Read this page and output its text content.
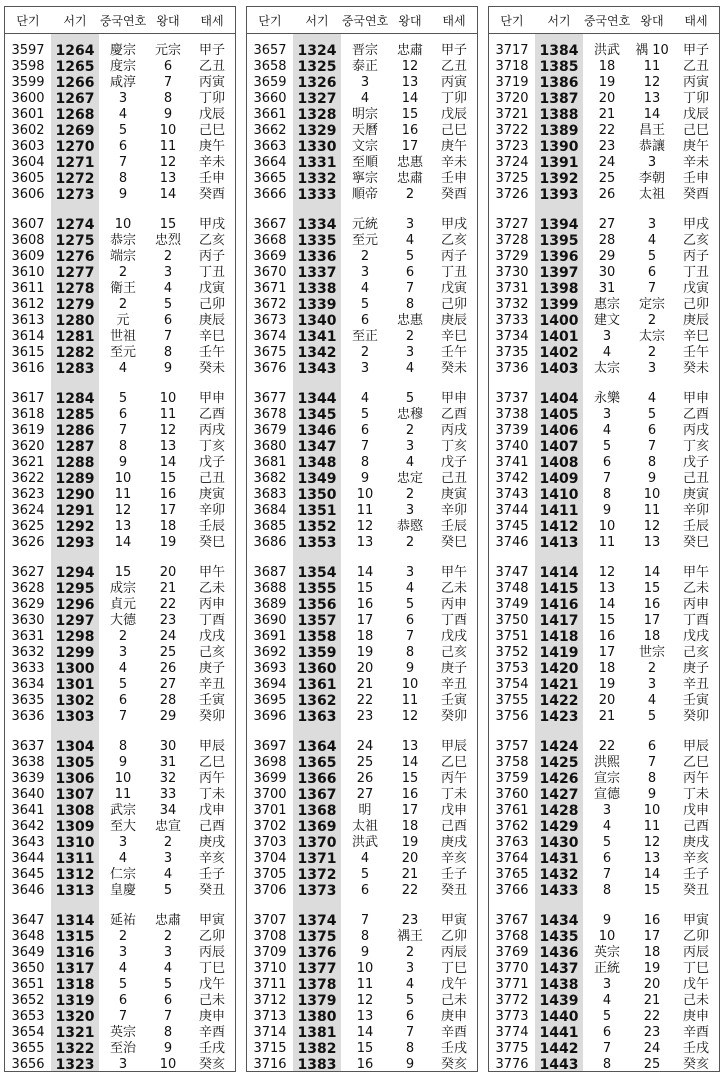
단기	서기	중국연호 왕대	태세
3597 1264	慶宗	元宗	甲子
3598 1265	度宗	6	乙丑
3599 1266	咸淳	7	丙寅
3600 1267	3	8	丁卯
3601 1268	4	9	戊辰
3602 1269	5	10	己巳
3603 1270	6	11	庚午
3604 1271	7	12	辛未
3605 1272	8	13	壬申
3606 1273	9	14	癸酉
3607 1274	10	15	甲戌
3608 1275	恭宗	忠烈	乙亥
3609 1276	端宗	2	丙子
3610 1277	2	3	丁丑
3611 1278	衛王	4	戊寅
3612 1279	2	5	己卯
3613 1280	元	6	庚辰
3614 1281	世祖	7	辛巳
3615 1282	至元	8	壬午
3616 1283	4	9	癸未
3617 1284	5	10	甲申
3618 1285	6	11	乙酉
3619 1286	7	12	丙戌
3620 1287	8	13	丁亥
3621 1288	9	14	戊子
3622 1289	10	15	己丑
3623 1290	11	16	庚寅
3624 1291	12	17	辛卯
3625 1292	13	18	壬辰
3626 1293	14	19	癸巳
3627 1294	15	20	甲午
3628 1295	成宗	21	乙未
3629 1296	貞元	22	丙申
3630 1297	大德	23	丁酉
3631 1298	2	24	戊戌
3632 1299	3	25	己亥
3633 1300	4	26	庚子
3634 1301	5	27	辛丑
3635 1302	6	28	壬寅
3636 1303	7	29	癸卯
3637 1304	8	30	甲辰
3638 1305	9	31	乙巳
3639 1306	10	32	丙午
3640 1307	11	33	丁未
3641 1308	武宗	34	戊申
3642 1309	至大	忠宣	己酉
3643 1310	3	2	庚戌
3644 1311	4	3	辛亥
3645 1312	仁宗	4	壬子
3646 1313	皇慶	5	癸丑
3647 1314	延祐	忠肅	甲寅
3648 1315	2	2	乙卯
3649 1316	3	3	丙辰
3650 1317	4	4	丁巳
3651 1318	5	5	戊午
3652 1319	6	6	己未
3653 1320	7	7	庚申
3654 1321	英宗	8	辛酉
3655 1322	至治	9	壬戌
3656 1323	3	10	癸亥
단기	서기	중국연호 왕대	태세
3657 1324	晋宗	忠肅	甲子
3658 1325	泰正	12	乙丑
3659 1326	3	13	丙寅
3660 1327	4	14	丁卯
3661 1328	明宗	15	戊辰
3662 1329	天曆	16	己巳
3663 1330	文宗	17	庚午
3664 1331	至順	忠惠	辛未
3665 1332	寧宗	忠肅	壬申
3666 1333	順帝	2	癸酉
3667 1334	元統	3	甲戌
3668 1335	至元	4	乙亥
3669 1336	2	5	丙子
3670 1337	3	6	丁丑
3671 1338	4	7	戊寅
3672 1339	5	8	己卯
3673 1340	6	忠惠	庚辰
3674 1341	至正	2	辛巳
3675 1342	2	3	壬午
3676 1343	3	4	癸未
3677 1344	4	5	甲申
3678 1345	5	忠穆	乙酉
3679 1346	6	2	丙戌
3680 1347	7	3	丁亥
3681 1348	8	4	戊子
3682 1349	9	忠定	己丑
3683 1350	10	2	庚寅
3684 1351	11	3	辛卯
3685 1352	12	恭愍	壬辰
3686 1353	13	2	癸巳
3687 1354	14	3	甲午
3688 1355	15	4	乙未
3689 1356	16	5	丙申
3690 1357	17	6	丁酉
3691 1358	18	7	戊戌
3692 1359	19	8	己亥
3693 1360	20	9	庚子
3694 1361	21	10	辛丑
3695 1362	22	11	壬寅
3696 1363	23	12	癸卯
3697 1364	24	13	甲辰
3698 1365	25	14	乙巳
3699 1366	26	15	丙午
3700 1367	27	16	丁未
3701 1368	明	17	戊申
3702 1369	太祖	18	己酉
3703 1370	洪武	19	庚戌
3704 1371	4	20	辛亥
3705 1372	5	21	壬子
3706 1373	6	22	癸丑
3707 1374	7	23	甲寅
3708 1375	8	禑王	乙卯
3709 1376	9	2	丙辰
3710 1377	10	3	丁巳
3711 1378	11	4	戊午
3712 1379	12	5	己未
3713 1380	13	6	庚申
3714 1381	14	7	辛酉
3715 1382	15	8	壬戌
3716 1383	16	9	癸亥
단기	서기	중국연호 왕대	태세
3717 1384	洪武	禑 10	甲子
3718 1385	18	11	乙丑
3719 1386	19	12	丙寅
3720 1387	20	13	丁卯
3721 1388	21	14	戊辰
3722 1389	22	昌王	己巳
3723 1390	23	恭讓	庚午
3724 1391	24	3	辛未
3725 1392	25	李朝	壬申
3726 1393	26	太祖	癸酉
3727 1394	27	3	甲戌
3728 1395	28	4	乙亥
3729 1396	29	5	丙子
3730 1397	30	6	丁丑
3731 1398	31	7	戊寅
3732 1399	惠宗	定宗	己卯
3733 1400	建文	2	庚辰
3734 1401	3	太宗	辛巳
3735 1402	4	2	壬午
3736 1403	太宗	3	癸未
3737 1404	永樂	4	甲申
3738 1405	3	5	乙酉
3739 1406	4	6	丙戌
3740 1407	5	7	丁亥
3741 1408	6	8	戊子
3742 1409	7	9	己丑
3743 1410	8	10	庚寅
3744 1411	9	11	辛卯
3745 1412	10	12	壬辰
3746 1413	11	13	癸巳
3747 1414	12	14	甲午
3748 1415	13	15	乙未
3749 1416	14	16	丙申
3750 1417	15	17	丁酉
3751 1418	16	18	戊戌
3752 1419	17	世宗	己亥
3753 1420	18	2	庚子
3754 1421	19	3	辛丑
3755 1422	20	4	壬寅
3756 1423	21	5	癸卯
3757 1424	22	6	甲辰
3758 1425	洪熙	7	乙巳
3759 1426	宣宗	8	丙午
3760 1427	宣德	9	丁未
3761 1428	3	10	戊申
3762 1429	4	11	己酉
3763 1430	5	12	庚戌
3764 1431	6	13	辛亥
3765 1432	7	14	壬子
3766 1433	8	15	癸丑
3767 1434	9	16	甲寅
3768 1435	10	17	乙卯
3769 1436	英宗	18	丙辰
3770 1437	正統	19	丁巳
3771 1438	3	20	戊午
3772 1439	4	21	己未
3773 1440	5	22	庚申
3774 1441	6	23	辛酉
3775 1442	7	24	壬戌
3776 1443	8	25	癸亥
